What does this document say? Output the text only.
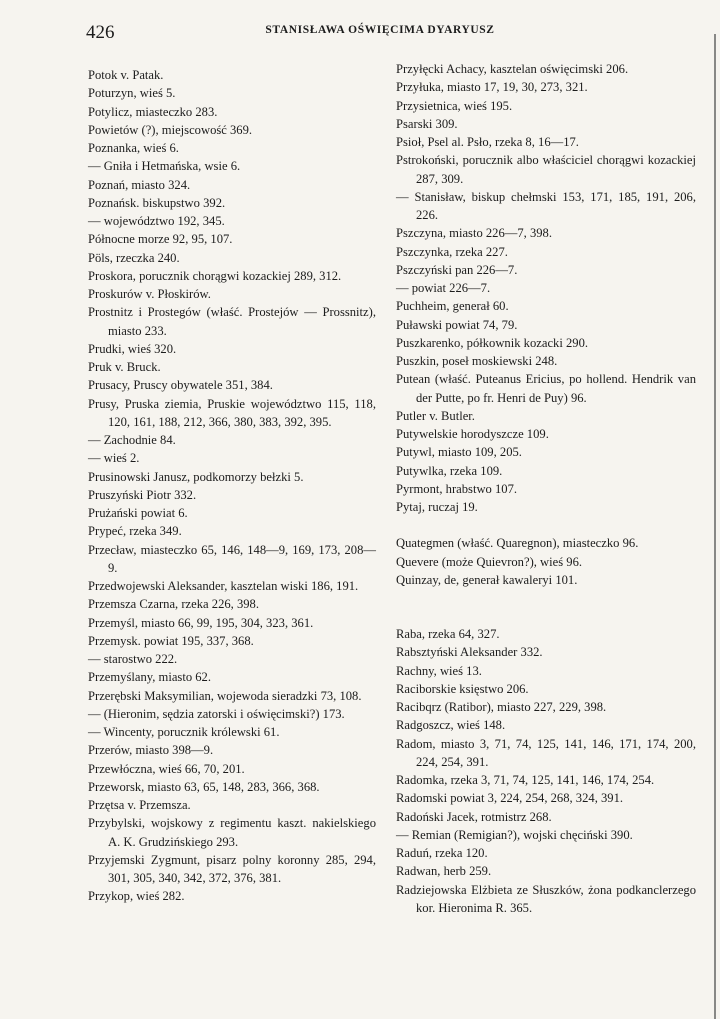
426	STANISŁAWA OŚWIĘCIMA DYARYUSZ
Potok v. Patak.
Poturzyn, wieś 5.
Potylicz, miasteczko 283.
Powietów (?), miejscowość 369.
Poznanka, wieś 6.
— Gniła i Hetmańska, wsie 6.
Poznań, miasto 324.
Poznańsk. biskupstwo 392.
— województwo 192, 345.
Północne morze 92, 95, 107.
Pöls, rzeczka 240.
Proskora, porucznik chorągwi kozackiej 289, 312.
Proskurów v. Płoskirów.
Prostnitz i Prostegów (właść. Prostejów — Prossnitz), miasto 233.
Prudki, wieś 320.
Pruk v. Bruck.
Prusacy, Pruscy obywatele 351, 384.
Prusy, Pruska ziemia, Pruskie województwo 115, 118, 120, 161, 188, 212, 366, 380, 383, 392, 395.
— Zachodnie 84.
— wieś 2.
Prusinowski Janusz, podkomorzy bełzki 5.
Pruszyński Piotr 332.
Prużański powiat 6.
Prypeć, rzeka 349.
Przecław, miasteczko 65, 146, 148—9, 169, 173, 208—9.
Przedwojewski Aleksander, kasztelan wiski 186, 191.
Przemsza Czarna, rzeka 226, 398.
Przemyśl, miasto 66, 99, 195, 304, 323, 361.
Przemysk. powiat 195, 337, 368.
— starostwo 222.
Przemyślany, miasto 62.
Przerębski Maksymilian, wojewoda sieradzki 73, 108.
— (Hieronim, sędzia zatorski i oświęcimski?) 173.
— Wincenty, porucznik królewski 61.
Przerów, miasto 398—9.
Przewłóczna, wieś 66, 70, 201.
Przeworsk, miasto 63, 65, 148, 283, 366, 368.
Przętsa v. Przemsza.
Przybylski, wojskowy z regimentu kaszt. nakielskiego A. K. Grudzińskiego 293.
Przyjemski Zygmunt, pisarz polny koronny 285, 294, 301, 305, 340, 342, 372, 376, 381.
Przykop, wieś 282.
Przyłęcki Achacy, kasztelan oświęcimski 206.
Przyłuka, miasto 17, 19, 30, 273, 321.
Przysietnica, wieś 195.
Psarski 309.
Psioł, Psel al. Psło, rzeka 8, 16—17.
Pstrokoński, porucznik albo właściciel chorągwi kozackiej 287, 309.
— Stanisław, biskup chełmski 153, 171, 185, 191, 206, 226.
Pszczyna, miasto 226—7, 398.
Pszczynka, rzeka 227.
Pszczyński pan 226—7.
— powiat 226—7.
Puchheim, generał 60.
Puławski powiat 74, 79.
Puszkarenko, półkownik kozacki 290.
Puszkin, poseł moskiewski 248.
Putean (właść. Puteanus Ericius, po hollend. Hendrik van der Putte, po fr. Henri de Puy) 96.
Putler v. Butler.
Putywelskie horodyszcze 109.
Putywl, miasto 109, 205.
Putywlka, rzeka 109.
Pyrmont, hrabstwo 107.
Pytaj, ruczaj 19.
Quategmen (właść. Quaregnon), miasteczko 96.
Quevere (może Quievron?), wieś 96.
Quinzay, de, generał kawaleryi 101.
Raba, rzeka 64, 327.
Rabsztyński Aleksander 332.
Rachny, wieś 13.
Raciborskie księstwo 206.
Racibqrz (Ratibor), miasto 227, 229, 398.
Radgoszcz, wieś 148.
Radom, miasto 3, 71, 74, 125, 141, 146, 171, 174, 200, 224, 254, 391.
Radomka, rzeka 3, 71, 74, 125, 141, 146, 174, 254.
Radomski powiat 3, 224, 254, 268, 324, 391.
Radoński Jacek, rotmistrz 268.
— Remian (Remigian?), wojski chęciński 390.
Raduń, rzeka 120.
Radwan, herb 259.
Radziejowska Elżbieta ze Słuszków, żona podkanclerzego kor. Hieronima R. 365.
